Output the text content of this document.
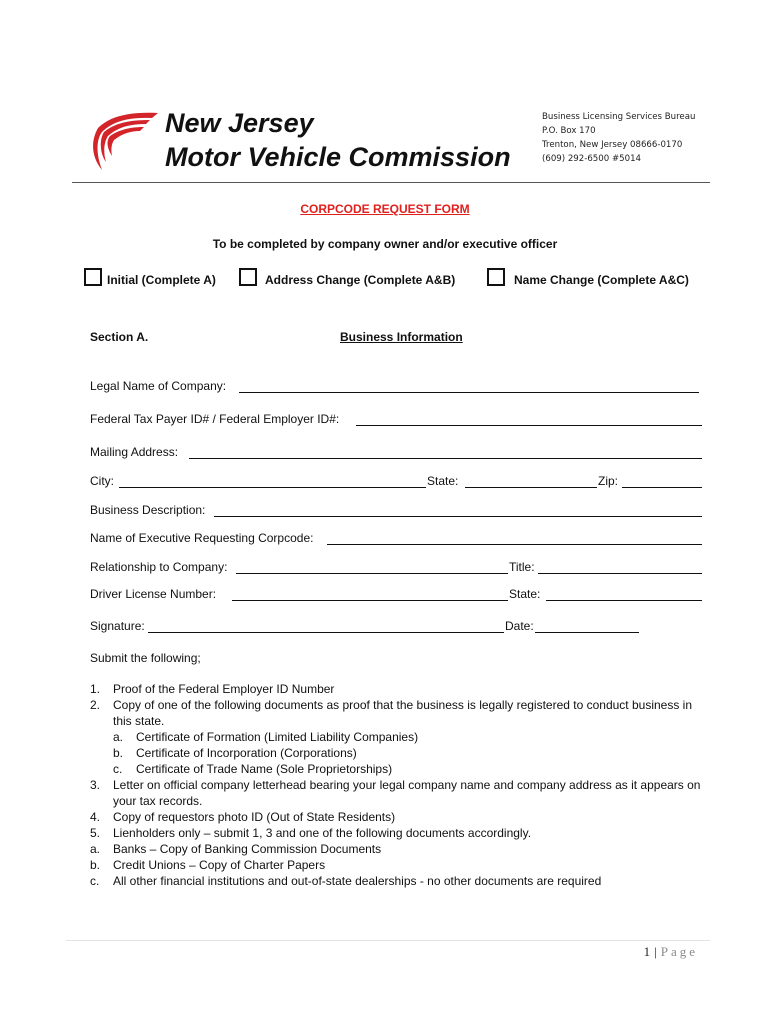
New Jersey
Motor Vehicle Commission
Business Licensing Services Bureau
P.O. Box 170
Trenton, New Jersey 08666-0170
(609) 292-6500 #5014
CORPCODE REQUEST FORM
To be completed by company owner and/or executive officer
Initial (Complete A)	Address Change (Complete A&B)	Name Change (Complete A&C)
Section A.	Business Information
Legal Name of Company:
Federal Tax Payer ID# / Federal Employer ID#:
Mailing Address:
City:	State:	Zip:
Business Description:
Name of Executive Requesting Corpcode:
Relationship to Company:	Title:
Driver License Number:	State:
Signature:	Date:
Submit the following;
1. Proof of the Federal Employer ID Number
2. Copy of one of the following documents as proof that the business is legally registered to conduct business in this state.
a. Certificate of Formation (Limited Liability Companies)
b. Certificate of Incorporation (Corporations)
c. Certificate of Trade Name (Sole Proprietorships)
3. Letter on official company letterhead bearing your legal company name and company address as it appears on your tax records.
4. Copy of requestors photo ID (Out of State Residents)
5. Lienholders only – submit 1, 3 and one of the following documents accordingly.
a. Banks – Copy of Banking Commission Documents
b. Credit Unions – Copy of Charter Papers
c. All other financial institutions and out-of-state dealerships - no other documents are required
1 | Page
